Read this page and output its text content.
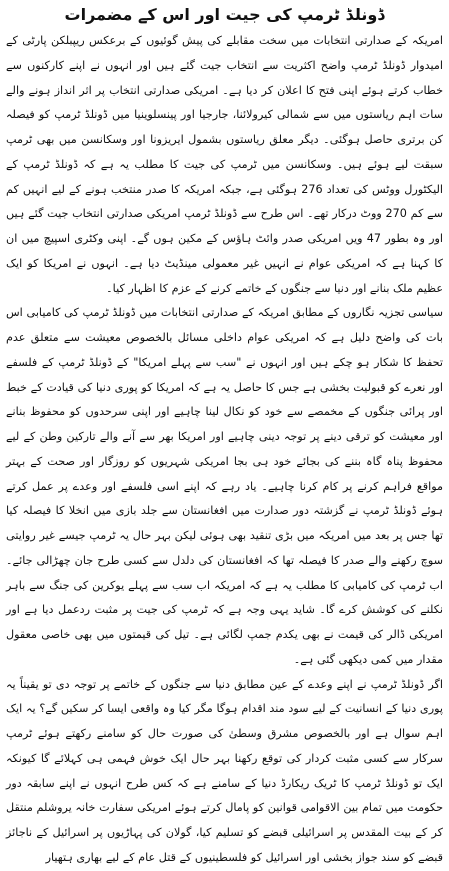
ڈونلڈ ٹرمپ کی جیت اور اس کے مضمرات

امریکہ کے صدارتی انتخابات میں سخت مقابلے کی پیش گوئیوں کے برعکس ریپبلکن پارٹی کے امیدوار ڈونلڈ ٹرمپ واضح اکثریت سے انتخاب جیت گئے ہیں اور انہوں نے اپنے کارکنوں سے خطاب کرتے ہوئے اپنی فتح کا اعلان کر دیا ہے۔ امریکی صدارتی انتخاب پر اثر انداز ہونے والے سات اہم ریاستوں میں سے شمالی کیرولائنا، جارجیا اور پینسلوینیا میں ڈونلڈ ٹرمپ کو فیصلہ کن برتری حاصل ہوگئی۔ دیگر معلق ریاستوں بشمول ایریزونا اور وسکانسن میں بھی ٹرمپ سبقت لیے ہوئے ہیں۔ وسکانسن میں ٹرمپ کی جیت کا مطلب یہ ہے کہ ڈونلڈ ٹرمپ کے الیکٹورل ووٹس کی تعداد 276 ہوگئی ہے، جبکہ امریکہ کا صدر منتخب ہونے کے لیے انہیں کم سے کم 270 ووٹ درکار تھے۔ اس طرح سے ڈونلڈ ٹرمپ امریکی صدارتی انتخاب جیت گئے ہیں اور وہ بطور 47 ویں امریکی صدر وائٹ ہاؤس کے مکین ہوں گے۔ اپنی وکٹری اسپیچ میں ان کا کہنا ہے کہ امریکی عوام نے انہیں غیر معمولی مینڈیٹ دیا ہے۔ انہوں نے امریکا کو ایک عظیم ملک بنانے اور دنیا سے جنگوں کے خاتمے کرنے کے عزم کا اظہار کیا۔

سیاسی تجزیہ نگاروں کے مطابق امریکہ کے صدارتی انتخابات میں ڈونلڈ ٹرمپ کی کامیابی اس بات کی واضح دلیل ہے کہ امریکی عوام داخلی مسائل بالخصوص معیشت سے متعلق عدم تحفظ کا شکار ہو چکے ہیں اور انہوں نے "سب سے پہلے امریکا" کے ڈونلڈ ٹرمپ کے فلسفے اور نعرے کو قبولیت بخشی ہے جس کا حاصل یہ ہے کہ امریکا کو پوری دنیا کی قیادت کے خبط اور پرائی جنگوں کے مخمصے سے خود کو نکال لینا چاہیے اور اپنی سرحدوں کو محفوظ بنانے اور معیشت کو ترقی دینے پر توجہ دینی چاہیے اور امریکا بھر سے آنے والے تارکین وطن کے لیے محفوظ پناہ گاہ بننے کی بجائے خود ہی بجا امریکی شہریوں کو روزگار اور صحت کے بہتر مواقع فراہم کرنے پر کام کرنا چاہیے۔ یاد رہے کہ اپنے اسی فلسفے اور وعدے پر عمل کرتے ہوئے ڈونلڈ ٹرمپ نے گزشتہ دور صدارت میں افغانستان سے جلد بازی میں انخلا کا فیصلہ کیا تھا جس پر بعد میں امریکہ میں بڑی تنقید بھی ہوئی لیکن بہر حال یہ ٹرمپ جیسے غیر روایتی سوچ رکھنے والے صدر کا فیصلہ تھا کہ افغانستان کی دلدل سے کسی طرح جان چھڑالی جائے۔ اب ٹرمپ کی کامیابی کا مطلب یہ ہے کہ امریکہ اب سب سے پہلے یوکرین کی جنگ سے باہر نکلنے کی کوشش کرے گا۔ شاید یہی وجہ ہے کہ ٹرمپ کی جیت پر مثبت ردعمل دیا ہے اور امریکی ڈالر کی قیمت نے بھی یکدم جمپ لگائی ہے۔ تیل کی قیمتوں میں بھی خاصی معقول مقدار میں کمی دیکھی گئی ہے۔

اگر ڈونلڈ ٹرمپ نے اپنے وعدے کے عین مطابق دنیا سے جنگوں کے خاتمے پر توجہ دی تو یقیناً یہ پوری دنیا کے انسانیت کے لیے سود مند اقدام ہوگا مگر کیا وہ واقعی ایسا کر سکیں گے؟ یہ ایک اہم سوال ہے اور بالخصوص مشرق وسطیٰ کی صورت حال کو سامنے رکھتے ہوئے ٹرمپ سرکار سے کسی مثبت کردار کی توقع رکھنا بہر حال ایک خوش فہمی ہی کہلائے گا کیونکہ ایک تو ڈونلڈ ٹرمپ کا ٹریک ریکارڈ دنیا کے سامنے ہے کہ کس طرح انہوں نے اپنے سابقہ دور حکومت میں تمام بین الاقوامی قوانین کو پامال کرتے ہوئے امریکی سفارت خانہ یروشلم منتقل کر کے بیت المقدس پر اسرائیلی قبضے کو تسلیم کیا، گولان کی پہاڑیوں پر اسرائیل کے ناجائز قبضے کو سند جواز بخشی اور اسرائیل کو فلسطینیوں کے قتل عام کے لیے بھاری ہتھیار
